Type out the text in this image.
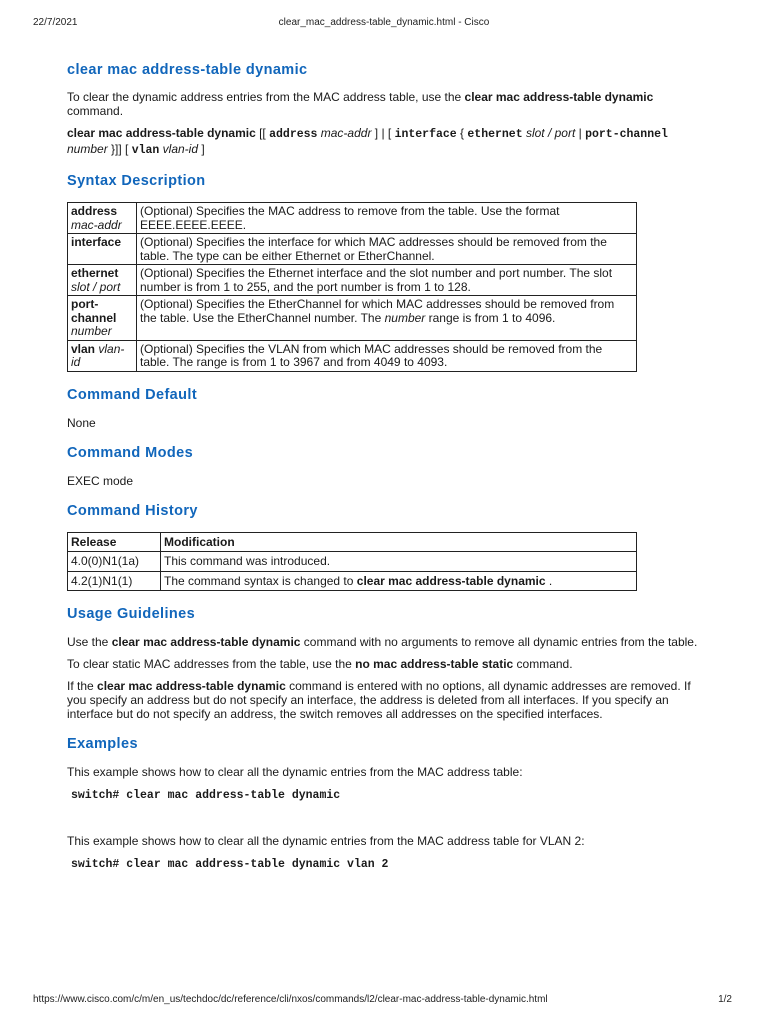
22/7/2021	clear_mac_address-table_dynamic.html - Cisco
clear mac address-table dynamic

To clear the dynamic address entries from the MAC address table, use the clear mac address-table dynamic command.

clear mac address-table dynamic [[ address mac-addr ] | [ interface { ethernet slot / port | port-channel number }]] [ vlan vlan-id ]

Syntax Description
address
mac-addr	(Optional) Specifies the MAC address to remove from the table. Use the format EEEE.EEEE.EEEE.
interface	(Optional) Specifies the interface for which MAC addresses should be removed from the table. The type can be either Ethernet or EtherChannel.
ethernet
slot / port	(Optional) Specifies the Ethernet interface and the slot number and port number. The slot number is from 1 to 255, and the port number is from 1 to 128.
port-channel
number	(Optional) Specifies the EtherChannel for which MAC addresses should be removed from the table. Use the EtherChannel number. The number range is from 1 to 4096.
vlan vlan-id	(Optional) Specifies the VLAN from which MAC addresses should be removed from the table. The range is from 1 to 3967 and from 4049 to 4093.
Command Default

None

Command Modes

EXEC mode

Command History
Release	Modification
4.0(0)N1(1a)	This command was introduced.
4.2(1)N1(1)	The command syntax is changed to clear mac address-table dynamic .
Usage Guidelines

Use the clear mac address-table dynamic command with no arguments to remove all dynamic entries from the table.

To clear static MAC addresses from the table, use the no mac address-table static command.

If the clear mac address-table dynamic command is entered with no options, all dynamic addresses are removed. If you specify an address but do not specify an interface, the address is deleted from all interfaces. If you specify an interface but do not specify an address, the switch removes all addresses on the specified interfaces.

Examples

This example shows how to clear all the dynamic entries from the MAC address table:

switch# clear mac address-table dynamic

This example shows how to clear all the dynamic entries from the MAC address table for VLAN 2:

switch# clear mac address-table dynamic vlan 2
https://www.cisco.com/c/m/en_us/techdoc/dc/reference/cli/nxos/commands/l2/clear-mac-address-table-dynamic.html	1/2
